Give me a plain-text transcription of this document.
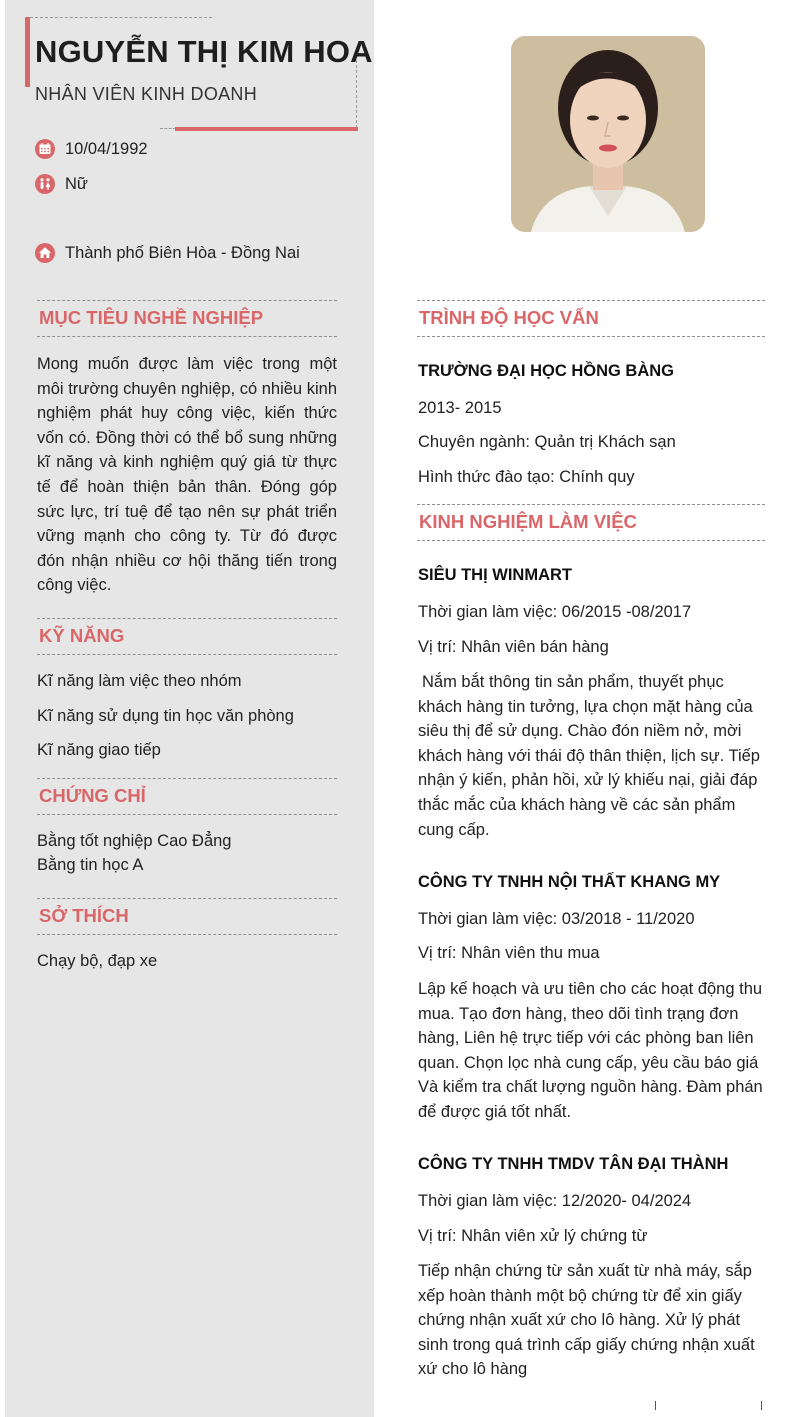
NGUYỄN THỊ KIM HOA
NHÂN VIÊN KINH DOANH
10/04/1992
Nữ
Thành phố Biên Hòa - Đồng Nai
MỤC TIÊU NGHỀ NGHIỆP
Mong muốn được làm việc trong một môi trường chuyên nghiệp, có nhiều kinh nghiệm phát huy công việc, kiến thức vốn có. Đồng thời có thể bổ sung những kĩ năng và kinh nghiệm quý giá từ thực tế để hoàn thiện bản thân. Đóng góp sức lực, trí tuệ để tạo nên sự phát triển vững mạnh cho công ty. Từ đó được đón nhận nhiều cơ hội thăng tiến trong công việc.
KỸ NĂNG
Kĩ năng làm việc theo nhóm
Kĩ năng sử dụng tin học văn phòng
Kĩ năng giao tiếp
CHỨNG CHỈ
Bằng tốt nghiệp Cao Đẳng
Bằng tin học A
SỞ THÍCH
Chạy bộ, đạp xe
TRÌNH ĐỘ HỌC VẤN
TRƯỜNG ĐẠI HỌC HỒNG BÀNG
2013- 2015
Chuyên ngành: Quản trị Khách sạn
Hình thức đào tạo: Chính quy
KINH NGHIỆM LÀM VIỆC
SIÊU THỊ WINMART
Thời gian làm việc: 06/2015 -08/2017
Vị trí: Nhân viên bán hàng
Nắm bắt thông tin sản phẩm, thuyết phục khách hàng tin tưởng, lựa chọn mặt hàng của siêu thị để sử dụng. Chào đón niềm nở, mời khách hàng với thái độ thân thiện, lịch sự. Tiếp nhận ý kiến, phản hồi, xử lý khiếu nại, giải đáp thắc mắc của khách hàng về các sản phẩm cung cấp.
CÔNG TY TNHH NỘI THẤT KHANG MY
Thời gian làm việc: 03/2018 - 11/2020
Vị trí: Nhân viên thu mua
Lập kế hoạch và ưu tiên cho các hoạt động thu mua. Tạo đơn hàng, theo dõi tình trạng đơn hàng, Liên hệ trực tiếp với các phòng ban liên quan. Chọn lọc nhà cung cấp, yêu cầu báo giá Và kiểm tra chất lượng nguồn hàng. Đàm phán để được giá tốt nhất.
CÔNG TY TNHH TMDV TÂN ĐẠI THÀNH
Thời gian làm việc: 12/2020- 04/2024
Vị trí: Nhân viên xử lý chứng từ
Tiếp nhận chứng từ sản xuất từ nhà máy, sắp xếp hoàn thành một bộ chứng từ để xin giấy chứng nhận xuất xứ cho lô hàng. Xử lý phát sinh trong quá trình cấp giấy chứng nhận xuất xứ cho lô hàng
